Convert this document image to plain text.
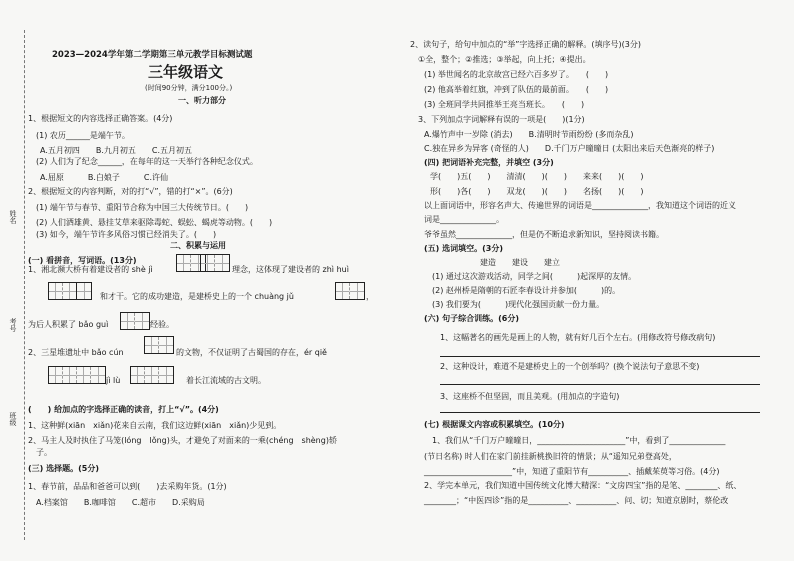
姓名
考号
班级
2023—2024学年第二学期第三单元教学目标测试题
三年级语文
(时间90分钟，满分100分。)
一、听力部分
1、根据短文的内容选择正确答案。(4分)
(1) 农历______是端午节。
A.五月初四　　B.九月初五　　C.五月初五
(2) 人们为了纪念______，在每年的这一天举行各种纪念仪式。
A.屈原　　　B.白娘子　　　C.许仙
2、根据短文的内容判断，对的打“√”，错的打“×”。(6分)
(1) 端午节与春节、重阳节合称为中国三大传统节日。(　　)
(2) 人们洒雄黄、悬挂艾草来驱除毒蛇、蜈蚣、蝎虎等动物。(　　)
(3) 如今，端午节许多风俗习惯已经消失了。(　　)
二、积累与运用
(一) 看拼音，写词语。(13分)
1、湘北濒大桥有着建设者的 shè jì	理念，这体现了建设者的 zhì huì
和才干。它的成功建造，是建桥史上的一个 chuàng jǔ	，
为后人积累了 bǎo guì	经验。
2、三星堆遗址中 bǎo cún	的文物，不仅证明了古蜀国的存在，ér qiě
jì lù	着长江流域的古文明。
(　　) 给加点的字选择正确的读音，打上“√”。(4分)
1、这种鲜(xiān　xiǎn)花来自云南，我们这边鲜(xiān　xiǎn)少见到。
2、马主人及时执住了马笼(lóng　lǒng)头，才避免了对面来的一乘(chéng　shèng)轿
子。
(三) 选择题。(5分)
1、春节前，品品和爸爸可以到(　　)去采购年货。(1分)
A.档案馆　　B.咖啡馆　　C.超市　　D.采购局
2、读句子，给句中加点的“举”字选择正确的解释。(填序号)(3分)
①全，整个；②推选；③举起，向上托；④提出。
(1) 举世闻名的北京故宫已经六百多岁了。　　(　　)
(2) 他高举着红旗，冲到了队伍的最前面。　　(　　)
(3) 全班同学共同推举王亮当班长。　　(　　)
3、下列加点字词解释有误的一项是(　　)(1分)
A.爆竹声中一岁除 (消去)　　B.清明时节雨纷纷 (多而杂乱)
C.独在异乡为异客 (奇怪的人)　　D.千门万户曈曈日 (太阳出来后天色渐亮的样子)
(四) 把词语补充完整，并填空 (3分)
学(　　)五(　　)　　清清(　　)(　　)　　来来(　　)(　　)
形(　　)各(　　)　　双龙(　　)(　　)　　名扬(　　)(　　)
以上面词语中，形容名声大、传遍世界的词语是______________，我知道这个词语的近义
词是______________。
爷爷虽然______________，但是仍不断追求新知识，坚持阅读书籍。
(五) 选词填空。(3分)
建造　　建设　　建立
(1) 通过这次游戏活动，同学之间(　　　)起深厚的友情。
(2) 赵州桥是隋朝的石匠李春设计并参加(　　　)的。
(3) 我们要为(　　　)现代化强国贡献一份力量。
(六) 句子综合训练。(6分)
1、这幅著名的画先是画上的人物，就有好几百个左右。(用修改符号修改病句)
2、这种设计，难道不是建桥史上的一个创举吗？(换个说法句子意思不变)
3、这座桥不但坚固，而且美观。(用加点的字造句)
(七) 根据课文内容或积累填空。(10分)
1、我们从“千门万户曈曈日，______________________”中，看到了______________
(节日名称) 时人们在家门前挂新桃换旧符的情景；从“遥知兄弟登高处，
______________________”中，知道了重阳节有__________、插戴茱萸等习俗。(4分)
2、学完本单元，我们知道中国传统文化博大精深：“文房四宝”指的是笔、________、纸、
________；“中医四诊”指的是__________、__________、问、切；知道京剧时，蔡伦改
